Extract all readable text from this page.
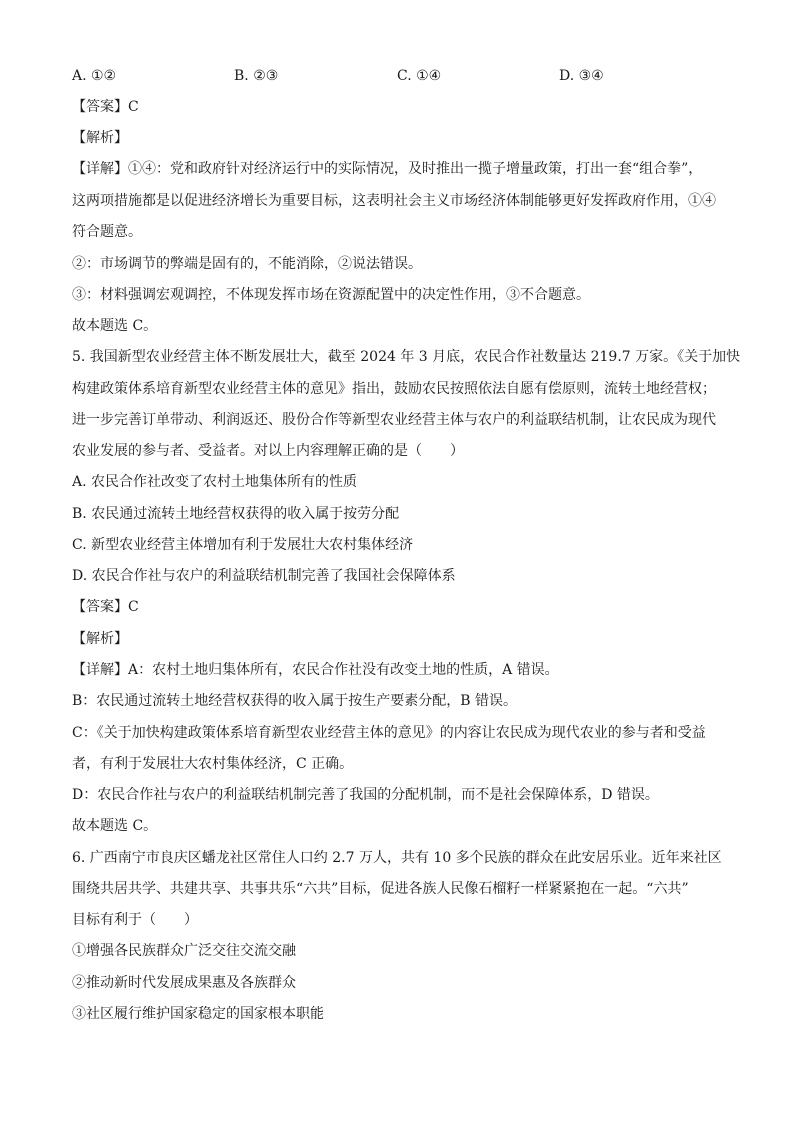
A. ①②	B. ②③	C. ①④	D. ③④
【答案】C
【解析】
【详解】①④：党和政府针对经济运行中的实际情况，及时推出一揽子增量政策，打出一套“组合拳”，
这两项措施都是以促进经济增长为重要目标，这表明社会主义市场经济体制能够更好发挥政府作用，①④
符合题意。
②：市场调节的弊端是固有的，不能消除，②说法错误。
③：材料强调宏观调控，不体现发挥市场在资源配置中的决定性作用，③不合题意。
故本题选 C。
5. 我国新型农业经营主体不断发展壮大，截至 2024 年 3 月底，农民合作社数量达 219.7 万家。《关于加快
构建政策体系培育新型农业经营主体的意见》指出，鼓励农民按照依法自愿有偿原则，流转土地经营权；
进一步完善订单带动、利润返还、股份合作等新型农业经营主体与农户的利益联结机制，让农民成为现代
农业发展的参与者、受益者。对以上内容理解正确的是（　　）
A. 农民合作社改变了农村土地集体所有的性质
B. 农民通过流转土地经营权获得的收入属于按劳分配
C. 新型农业经营主体增加有利于发展壮大农村集体经济
D. 农民合作社与农户的利益联结机制完善了我国社会保障体系
【答案】C
【解析】
【详解】A：农村土地归集体所有，农民合作社没有改变土地的性质，A 错误。
B：农民通过流转土地经营权获得的收入属于按生产要素分配，B 错误。
C：《关于加快构建政策体系培育新型农业经营主体的意见》的内容让农民成为现代农业的参与者和受益
者，有利于发展壮大农村集体经济，C 正确。
D：农民合作社与农户的利益联结机制完善了我国的分配机制，而不是社会保障体系，D 错误。
故本题选 C。
6. 广西南宁市良庆区蟠龙社区常住人口约 2.7 万人，共有 10 多个民族的群众在此安居乐业。近年来社区
围绕共居共学、共建共享、共事共乐“六共”目标，促进各族人民像石榴籽一样紧紧抱在一起。“六共”
目标有利于（　　）
①增强各民族群众广泛交往交流交融
②推动新时代发展成果惠及各族群众
③社区履行维护国家稳定的国家根本职能
